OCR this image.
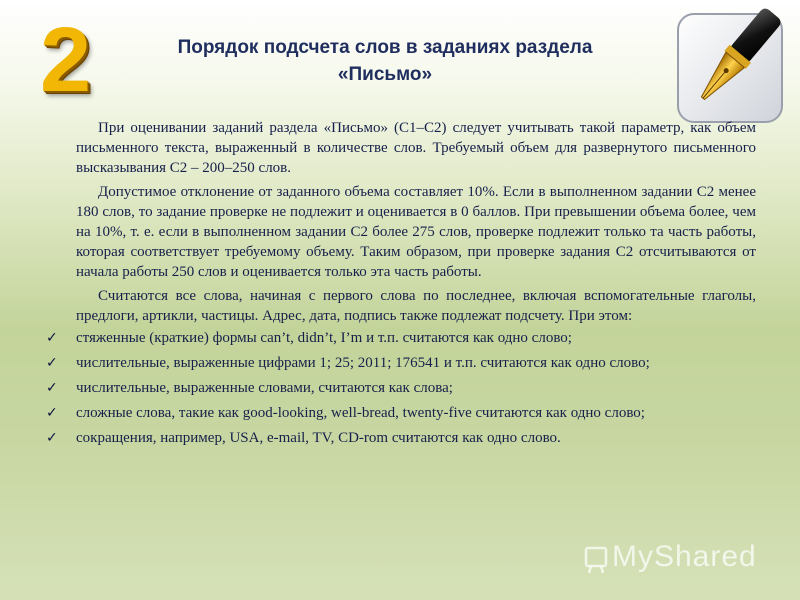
2	Порядок подсчета слов в заданиях раздела
«Письмо»

При оценивании заданий раздела «Письмо» (С1–С2) следует учитывать такой параметр, как объем письменного текста, выраженный в количестве слов. Требуемый объем для развернутого письменного высказывания С2 – 200–250 слов.

Допустимое отклонение от заданного объема составляет 10%. Если в выполненном задании С2 менее 180 слов, то задание проверке не подлежит и оценивается в 0 баллов. При превышении объема более, чем на 10%, т. е. если в выполненном задании С2 более 275 слов, проверке подлежит только та часть работы, которая соответствует требуемому объему. Таким образом, при проверке задания С2 отсчитываются от начала работы 250 слов и оценивается только эта часть работы.

Считаются все слова, начиная с первого слова по последнее, включая вспомогательные глаголы, предлоги, артикли, частицы. Адрес, дата, подпись также подлежат подсчету. При этом:

✓ стяженные (краткие) формы can’t, didn’t, I’m и т.п. считаются как одно слово;
✓ числительные, выраженные цифрами 1; 25; 2011; 176541 и т.п. считаются как одно слово;
✓ числительные, выраженные словами, считаются как слова;
✓ сложные слова, такие как good-looking, well-bread, twenty-five считаются как одно слово;
✓ сокращения, например, USA, e-mail, TV, CD-rom считаются как одно слово.
MyShared
